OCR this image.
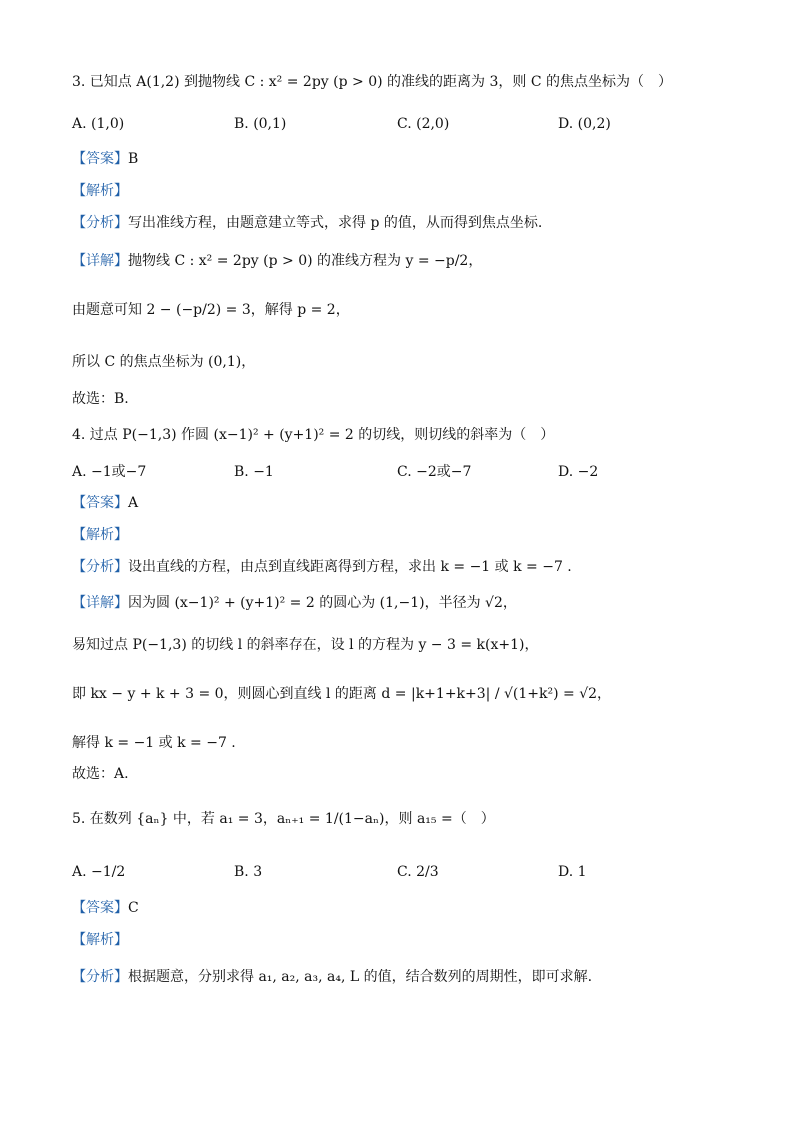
3. 已知点 A(1,2) 到抛物线 C : x² = 2py (p > 0) 的准线的距离为 3，则 C 的焦点坐标为（　）
A. (1,0)	B. (0,1)	C. (2,0)	D. (0,2)
【答案】B
【解析】
【分析】写出准线方程，由题意建立等式，求得 p 的值，从而得到焦点坐标.
【详解】抛物线 C : x² = 2py (p > 0) 的准线方程为 y = −p/2，
由题意可知 2 − (−p/2) = 3，解得 p = 2，
所以 C 的焦点坐标为 (0,1)，
故选：B.
4. 过点 P(−1,3) 作圆 (x−1)² + (y+1)² = 2 的切线，则切线的斜率为（　）
A. −1或−7	B. −1	C. −2或−7	D. −2
【答案】A
【解析】
【分析】设出直线的方程，由点到直线距离得到方程，求出 k = −1 或 k = −7 .
【详解】因为圆 (x−1)² + (y+1)² = 2 的圆心为 (1,−1)，半径为 √2，
易知过点 P(−1,3) 的切线 l 的斜率存在，设 l 的方程为 y − 3 = k(x+1)，
即 kx − y + k + 3 = 0，则圆心到直线 l 的距离 d = |k+1+k+3| / √(1+k²) = √2，
解得 k = −1 或 k = −7 .
故选：A.
5. 在数列 {aₙ} 中，若 a₁ = 3，aₙ₊₁ = 1/(1−aₙ)，则 a₁₅ =（　）
A. −1/2	B. 3	C. 2/3	D. 1
【答案】C
【解析】
【分析】根据题意，分别求得 a₁, a₂, a₃, a₄, L 的值，结合数列的周期性，即可求解.
